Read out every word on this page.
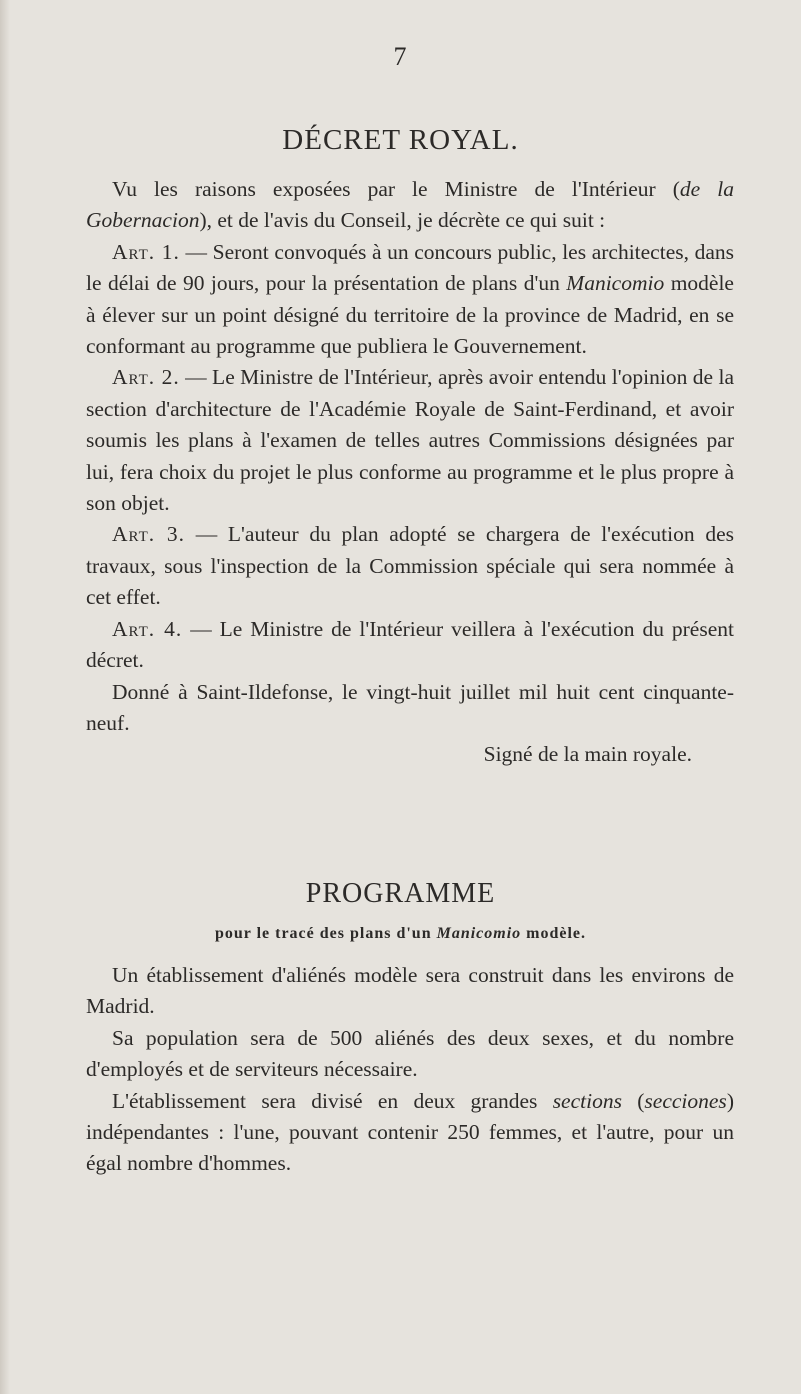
7
DÉCRET ROYAL.

Vu les raisons exposées par le Ministre de l'Intérieur (de la Gobernacion), et de l'avis du Conseil, je décrète ce qui suit :

Art. 1. — Seront convoqués à un concours public, les architectes, dans le délai de 90 jours, pour la présentation de plans d'un Manicomio modèle à élever sur un point désigné du territoire de la province de Madrid, en se conformant au programme que publiera le Gouvernement.

Art. 2. — Le Ministre de l'Intérieur, après avoir entendu l'opinion de la section d'architecture de l'Académie Royale de Saint-Ferdinand, et avoir soumis les plans à l'examen de telles autres Commissions désignées par lui, fera choix du projet le plus conforme au programme et le plus propre à son objet.

Art. 3. — L'auteur du plan adopté se chargera de l'exécution des travaux, sous l'inspection de la Commission spéciale qui sera nommée à cet effet.

Art. 4. — Le Ministre de l'Intérieur veillera à l'exécution du présent décret.

Donné à Saint-Ildefonse, le vingt-huit juillet mil huit cent cinquante-neuf.

Signé de la main royale.

PROGRAMME
pour le tracé des plans d'un Manicomio modèle.

Un établissement d'aliénés modèle sera construit dans les environs de Madrid.

Sa population sera de 500 aliénés des deux sexes, et du nombre d'employés et de serviteurs nécessaire.

L'établissement sera divisé en deux grandes sections (secciones) indépendantes : l'une, pouvant contenir 250 femmes, et l'autre, pour un égal nombre d'hommes.
